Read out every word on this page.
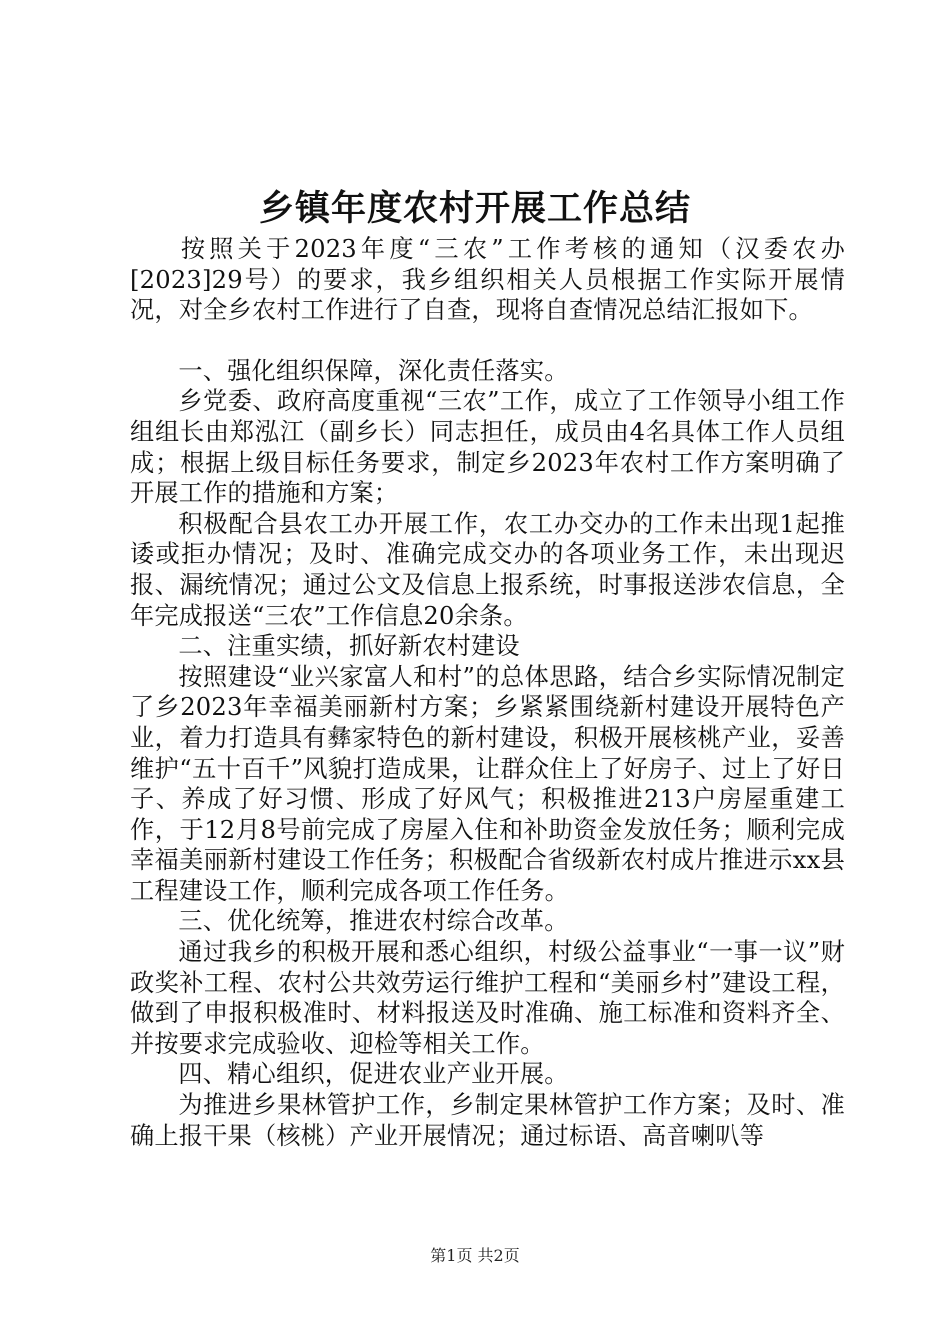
乡镇年度农村开展工作总结

按照关于2023年度“三农”工作考核的通知（汉委农办[2023]29号）的要求，我乡组织相关人员根据工作实际开展情况，对全乡农村工作进行了自查，现将自查情况总结汇报如下。

一、强化组织保障，深化责任落实。

乡党委、政府高度重视“三农”工作，成立了工作领导小组工作组组长由郑泓江（副乡长）同志担任，成员由4名具体工作人员组成；根据上级目标任务要求，制定乡2023年农村工作方案明确了开展工作的措施和方案；

积极配合县农工办开展工作，农工办交办的工作未出现1起推诿或拒办情况；及时、准确完成交办的各项业务工作，未出现迟报、漏统情况；通过公文及信息上报系统，时事报送涉农信息，全年完成报送“三农”工作信息20余条。

二、注重实绩，抓好新农村建设

按照建设“业兴家富人和村”的总体思路，结合乡实际情况制定了乡2023年幸福美丽新村方案；乡紧紧围绕新村建设开展特色产业，着力打造具有彝家特色的新村建设，积极开展核桃产业，妥善维护“五十百千”风貌打造成果，让群众住上了好房子、过上了好日子、养成了好习惯、形成了好风气；积极推进213户房屋重建工作，于12月8号前完成了房屋入住和补助资金发放任务；顺利完成幸福美丽新村建设工作任务；积极配合省级新农村成片推进示xx县工程建设工作，顺利完成各项工作任务。

三、优化统筹，推进农村综合改革。

通过我乡的积极开展和悉心组织，村级公益事业“一事一议”财政奖补工程、农村公共效劳运行维护工程和“美丽乡村”建设工程，做到了申报积极准时、材料报送及时准确、施工标准和资料齐全、并按要求完成验收、迎检等相关工作。

四、精心组织，促进农业产业开展。

为推进乡果林管护工作，乡制定果林管护工作方案；及时、准确上报干果（核桃）产业开展情况；通过标语、高音喇叭等

第1页 共2页
